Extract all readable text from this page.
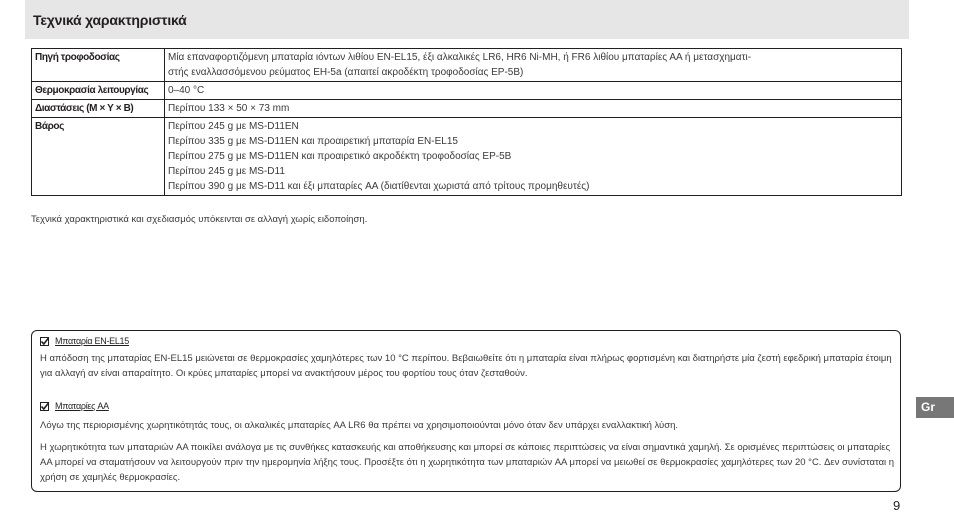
Τεχνικά χαρακτηριστικά
Πηγή τροφοδοσίας	Μία επαναφορτιζόμενη μπαταρία ιόντων λιθίου EN-EL15, έξι αλκαλικές LR6, HR6 Ni-MH, ή FR6 λιθίου μπαταρίες ΑΑ ή μετασχηματι-
στής εναλλασσόμενου ρεύματος EH-5a (απαιτεί ακροδέκτη τροφοδοσίας EP-5B)

Θερμοκρασία λειτουργίας	0–40 °C

Διαστάσεις (Μ × Υ × Β)	Περίπου 133 × 50 × 73 mm

Βάρος	Περίπου 245 g με MS-D11EN
Περίπου 335 g με MS-D11EN και προαιρετική μπαταρία EN-EL15
Περίπου 275 g με MS-D11EN και προαιρετικό ακροδέκτη τροφοδοσίας EP-5B
Περίπου 245 g με MS-D11
Περίπου 390 g με MS-D11 και έξι μπαταρίες AA (διατίθενται χωριστά από τρίτους προμηθευτές)
Τεχνικά χαρακτηριστικά και σχεδιασμός υπόκεινται σε αλλαγή χωρίς ειδοποίηση.
Μπαταρία EN-EL15
Η απόδοση της μπαταρίας EN-EL15 μειώνεται σε θερμοκρασίες χαμηλότερες των 10 °C περίπου. Βεβαιωθείτε ότι η μπαταρία είναι πλήρως φορτισμένη και διατηρήστε μία ζεστή εφεδρική μπαταρία έτοιμη για αλλαγή αν είναι απαραίτητο. Οι κρύες μπαταρίες μπορεί να ανακτήσουν μέρος του φορτίου τους όταν ζεσταθούν.
Μπαταρίες AA
Λόγω της περιορισμένης χωρητικότητάς τους, οι αλκαλικές μπαταρίες AA LR6 θα πρέπει να χρησιμοποιούνται μόνο όταν δεν υπάρχει εναλλακτική λύση.
Η χωρητικότητα των μπαταριών AA ποικίλει ανάλογα με τις συνθήκες κατασκευής και αποθήκευσης και μπορεί σε κάποιες περιπτώσεις να είναι σημαντικά χαμηλή. Σε ορισμένες περιπτώσεις οι μπαταρίες AA μπορεί να σταματήσουν να λειτουργούν πριν την ημερομηνία λήξης τους. Προσέξτε ότι η χωρητικότητα των μπαταριών AA μπορεί να μειωθεί σε θερμοκρασίες χαμηλότερες των 20 °C. Δεν συνίσταται η χρήση σε χαμηλές θερμοκρασίες.
Gr
9
